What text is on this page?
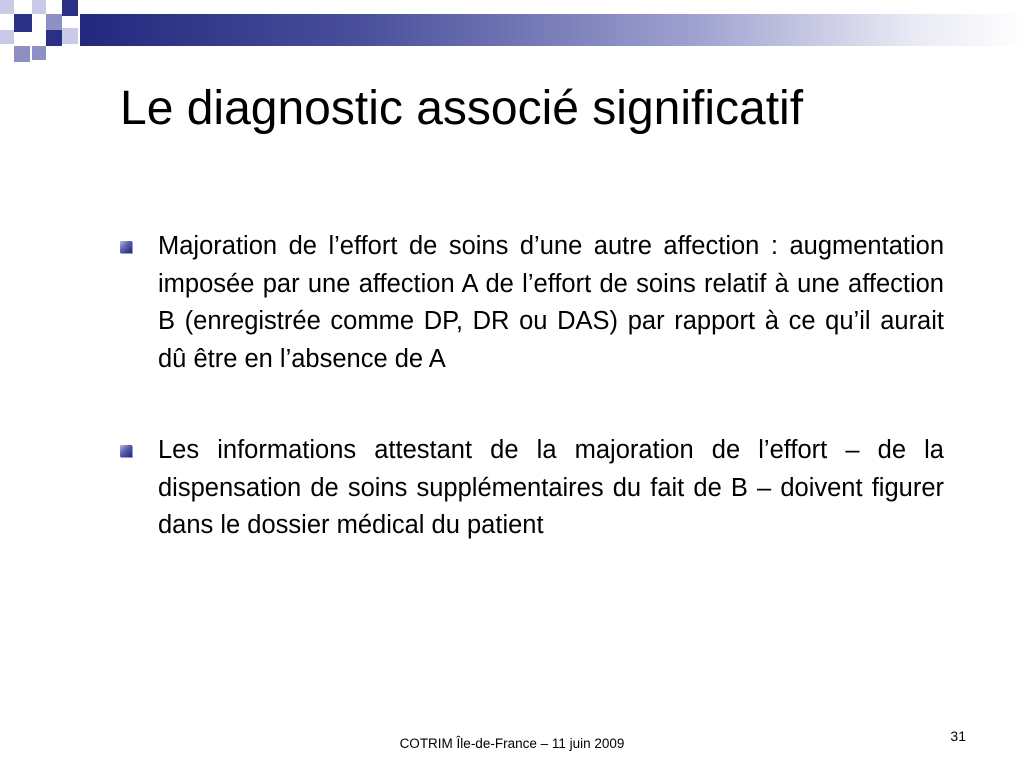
Le diagnostic associé significatif
Majoration de l’effort de soins d’une autre affection : augmentation imposée par une affection A de l’effort de soins relatif à une affection B (enregistrée comme DP, DR ou DAS) par rapport à ce qu’il aurait dû être en l’absence de A
Les informations attestant de la majoration de l’effort – de la dispensation de soins supplémentaires du fait de B – doivent figurer dans le dossier médical du patient
COTRIM Île-de-France – 11 juin 2009	31
